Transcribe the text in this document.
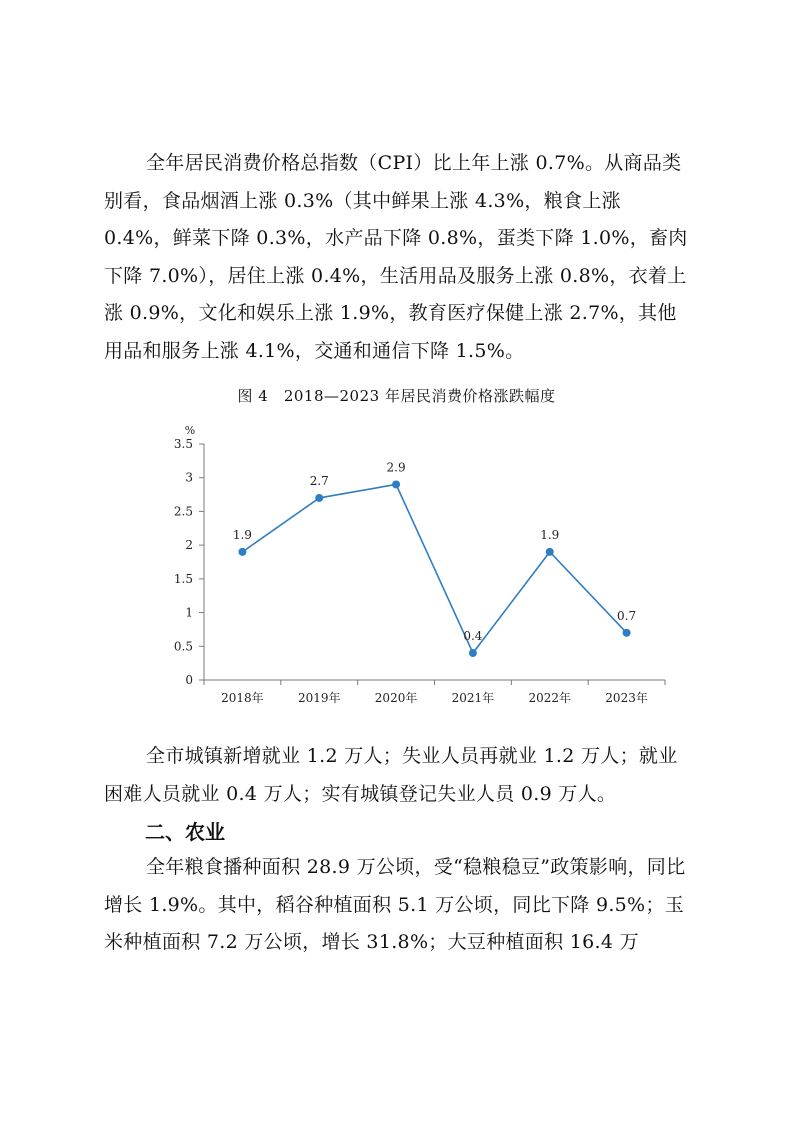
全年居民消费价格总指数（CPI）比上年上涨 0.7%。从商品类别看，食品烟酒上涨 0.3%（其中鲜果上涨 4.3%，粮食上涨 0.4%，鲜菜下降 0.3%，水产品下降 0.8%，蛋类下降 1.0%，畜肉下降 7.0%），居住上涨 0.4%，生活用品及服务上涨 0.8%，衣着上涨 0.9%，文化和娱乐上涨 1.9%，教育医疗保健上涨 2.7%，其他用品和服务上涨 4.1%，交通和通信下降 1.5%。

图 4　2018—2023 年居民消费价格涨跌幅度
0
0.5
1
1.5
2
2.5
3
3.5
%
2018年	2019年	2020年	2021年	2022年	2023年
1.9
2.7
2.9
0.4
1.9
0.7

全市城镇新增就业 1.2 万人；失业人员再就业 1.2 万人；就业困难人员就业 0.4 万人；实有城镇登记失业人员 0.9 万人。

二、农业

全年粮食播种面积 28.9 万公顷，受“稳粮稳豆”政策影响，同比增长 1.9%。其中，稻谷种植面积 5.1 万公顷，同比下降 9.5%；玉米种植面积 7.2 万公顷，增长 31.8%；大豆种植面积 16.4 万
